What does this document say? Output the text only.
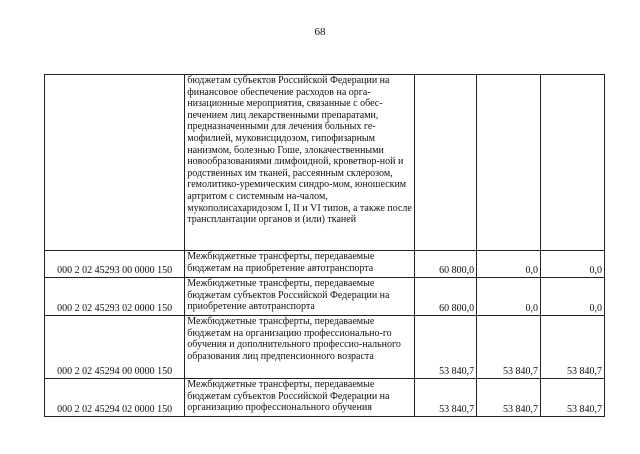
68
	бюджетам субъектов Российской Федерации на финансовое обеспечение расходов на орга-низационные мероприятия, связанные с обес-печением лиц лекарственными препаратами, предназначенными для лечения больных ге-мофилией, муковисцидозом, гипофизарным нанизмом, болезнью Гоше, злокачественными новообразованиями лимфоидной, кроветвор-ной и родственных им тканей, рассеянным склерозом, гемолитико-уремическим синдро-мом, юношеским артритом с системным на-чалом, мукополисахаридозом I, II и VI типов, а также после трансплантации органов и (или) тканей			
000 2 02 45293 00 0000 150	Межбюджетные трансферты, передаваемые бюджетам на приобретение автотранспорта	60 800,0	0,0	0,0
000 2 02 45293 02 0000 150	Межбюджетные трансферты, передаваемые бюджетам субъектов Российской Федерации на приобретение автотранспорта	60 800,0	0,0	0,0
000 2 02 45294 00 0000 150	Межбюджетные трансферты, передаваемые бюджетам на организацию профессионально-го обучения и дополнительного профессио-нального образования лиц предпенсионного возраста	53 840,7	53 840,7	53 840,7
000 2 02 45294 02 0000 150	Межбюджетные трансферты, передаваемые бюджетам субъектов Российской Федерации на организацию профессионального обучения	53 840,7	53 840,7	53 840,7
